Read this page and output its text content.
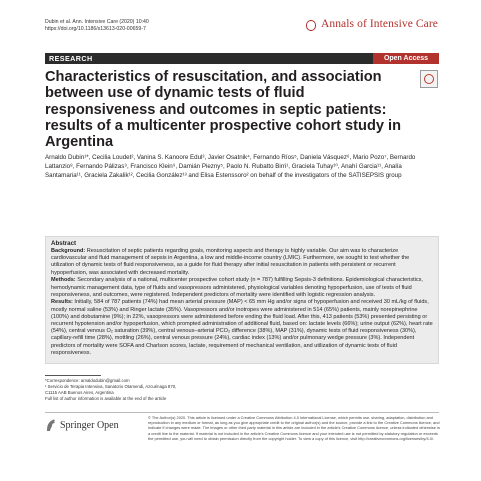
Dubin et al. Ann. Intensive Care (2020) 10:40
https://doi.org/10.1186/s13613-020-00659-7	Annals of Intensive Care
RESEARCH	Open Access
Characteristics of resuscitation, and association between use of dynamic tests of fluid responsiveness and outcomes in septic patients: results of a multicenter prospective cohort study in Argentina

Arnaldo Dubin¹*, Cecilia Loudet², Vanina S. Kanoore Edul³, Javier Osatnik⁴, Fernando Ríos⁵, Daniela Vásquez⁶, Mario Pozo⁷, Bernardo Lattanzio⁸, Fernando Pálizas⁹, Francisco Klein⁹, Damián Piezny⁵, Paolo N. Rubatto Birri¹, Graciela Tuhay¹⁰, Anahí Garcia¹¹, Analía Santamaria¹¹, Graciela Zakalik¹², Cecilia González¹³ and Elisa Estenssoro² on behalf of the investigators of the SATISEPSIS group

Abstract

Background: Resuscitation of septic patients regarding goals, monitoring aspects and therapy is highly variable. Our aim was to characterize cardiovascular and fluid management of sepsis in Argentina, a low and middle-income country (LMIC). Furthermore, we sought to test whether the utilization of dynamic tests of fluid responsiveness, as a guide for fluid therapy after initial resuscitation in patients with persistent or recurrent hypoperfusion, was associated with decreased mortality.

Methods: Secondary analysis of a national, multicenter prospective cohort study (n = 787) fulfilling Sepsis-3 definitions. Epidemiological characteristics, hemodynamic management data, type of fluids and vasopressors administered, physiological variables denoting hypoperfusion, use of tests of fluid responsiveness, and outcomes, were registered. Independent predictors of mortality were identified with logistic regression analysis.

Results: Initially, 584 of 787 patients (74%) had mean arterial pressure (MAP) < 65 mm Hg and/or signs of hypoperfusion and received 30 mL/kg of fluids, mostly normal saline (53%) and Ringer lactate (35%). Vasopressors and/or inotropes were administered in 514 (65%) patients, mainly norepinephrine (100%) and dobutamine (9%); in 22%, vasopressors were administered before ending the fluid load. After this, 413 patients (53%) presented persisting or recurrent hypotension and/or hypoperfusion, which prompted administration of additional fluid, based on: lactate levels (66%); urine output (62%), heart rate (54%), central venous O₂ saturation (39%), central venous–arterial PCO₂ difference (38%), MAP (31%), dynamic tests of fluid responsiveness (30%), capillary-refill time (28%), mottling (26%), central venous pressure (24%), cardiac index (13%) and/or pulmonary wedge pressure (3%). Independent predictors of mortality were SOFA and Charlson scores, lactate, requirement of mechanical ventilation, and utilization of dynamic tests of fluid responsiveness.

*Correspondence: arnaldodubin@gmail.com
¹ Servicio de Terapia Intensiva, Sanatorio Otamendi, Azcuénaga 870,
C1115 AAB Buenos Aires, Argentina
Full list of author information is available at the end of the article
Springer Open

© The Author(s) 2020. This article is licensed under a Creative Commons Attribution 4.0 International License, which permits use, sharing, adaptation, distribution and reproduction in any medium or format, as long as you give appropriate credit to the original author(s) and the source, provide a link to the Creative Commons licence, and indicate if changes were made. The images or other third party material in this article are included in the article's Creative Commons licence, unless indicated otherwise in a credit line to the material. If material is not included in the article's Creative Commons licence and your intended use is not permitted by statutory regulation or exceeds the permitted use, you will need to obtain permission directly from the copyright holder. To view a copy of this licence, visit http://creativecommons.org/licenses/by/4.0/.
